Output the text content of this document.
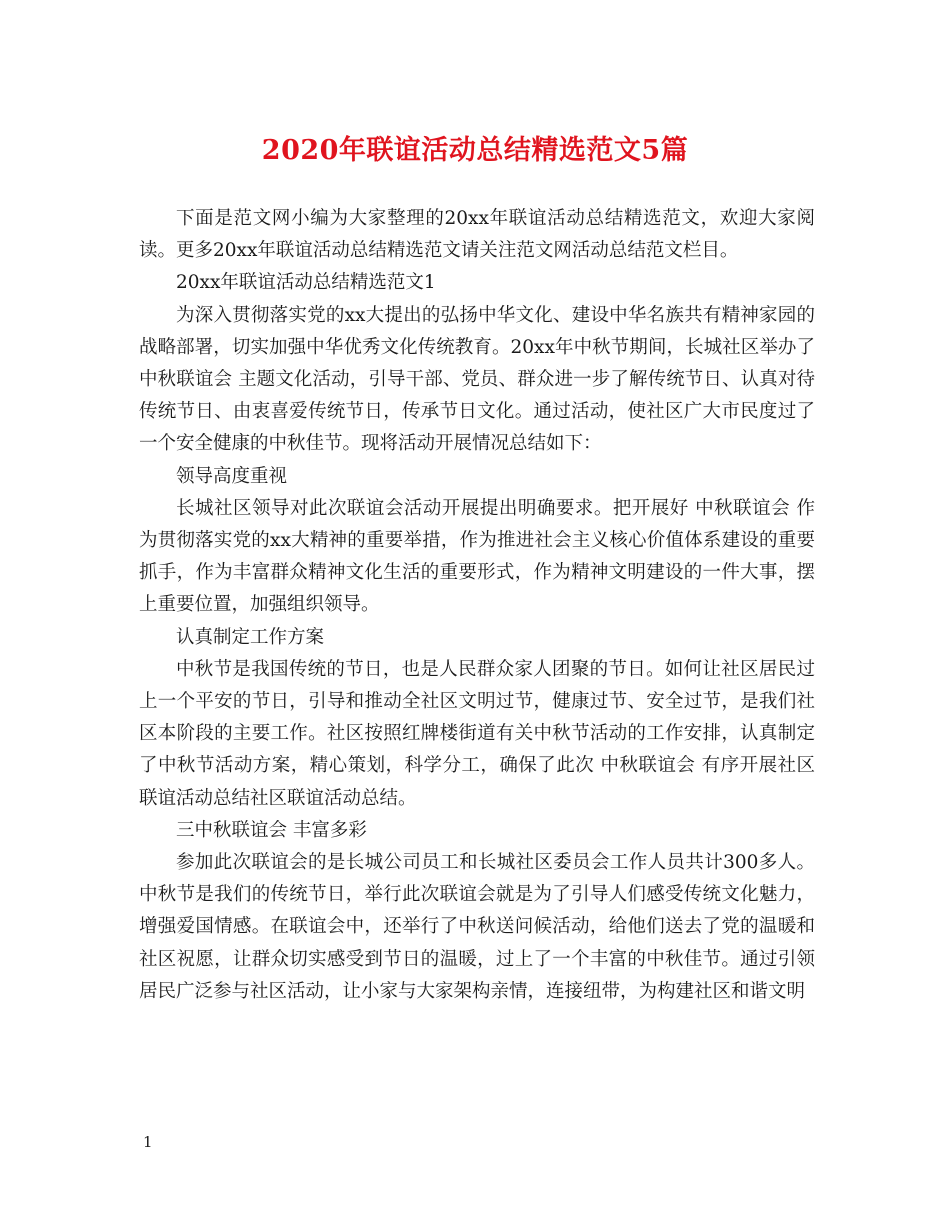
2020年联谊活动总结精选范文5篇

下面是范文网小编为大家整理的20xx年联谊活动总结精选范文，欢迎大家阅读。更多20xx年联谊活动总结精选范文请关注范文网活动总结范文栏目。

20xx年联谊活动总结精选范文1

为深入贯彻落实党的xx大提出的弘扬中华文化、建设中华名族共有精神家园的战略部署，切实加强中华优秀文化传统教育。20xx年中秋节期间，长城社区举办了 中秋联谊会 主题文化活动，引导干部、党员、群众进一步了解传统节日、认真对待传统节日、由衷喜爱传统节日，传承节日文化。通过活动，使社区广大市民度过了一个安全健康的中秋佳节。现将活动开展情况总结如下：

领导高度重视

长城社区领导对此次联谊会活动开展提出明确要求。把开展好 中秋联谊会 作为贯彻落实党的xx大精神的重要举措，作为推进社会主义核心价值体系建设的重要抓手，作为丰富群众精神文化生活的重要形式，作为精神文明建设的一件大事，摆上重要位置，加强组织领导。

认真制定工作方案

中秋节是我国传统的节日，也是人民群众家人团聚的节日。如何让社区居民过上一个平安的节日，引导和推动全社区文明过节，健康过节、安全过节，是我们社区本阶段的主要工作。社区按照红牌楼街道有关中秋节活动的工作安排，认真制定了中秋节活动方案，精心策划，科学分工，确保了此次 中秋联谊会 有序开展社区联谊活动总结社区联谊活动总结。

三中秋联谊会 丰富多彩

参加此次联谊会的是长城公司员工和长城社区委员会工作人员共计300多人。中秋节是我们的传统节日，举行此次联谊会就是为了引导人们感受传统文化魅力，增强爱国情感。在联谊会中，还举行了中秋送问候活动，给他们送去了党的温暖和社区祝愿，让群众切实感受到节日的温暖，过上了一个丰富的中秋佳节。通过引领居民广泛参与社区活动，让小家与大家架构亲情，连接纽带，为构建社区和谐文明

1
